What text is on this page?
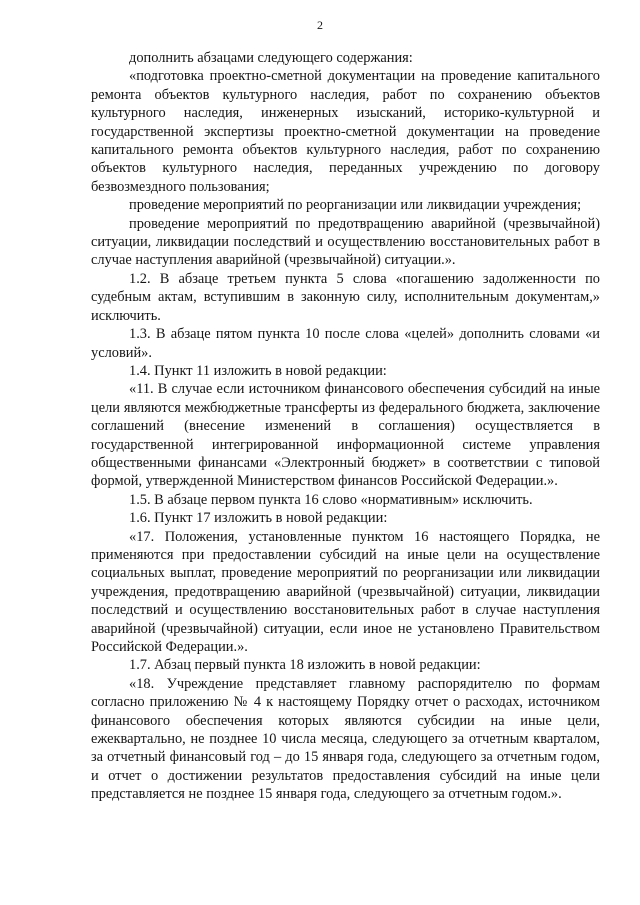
2

дополнить абзацами следующего содержания:

«подготовка проектно-сметной документации на проведение капитального ремонта объектов культурного наследия, работ по сохранению объектов культурного наследия, инженерных изысканий, историко-культурной и государственной экспертизы проектно-сметной документации на проведение капитального ремонта объектов культурного наследия, работ по сохранению объектов культурного наследия, переданных учреждению по договору безвозмездного пользования;

проведение мероприятий по реорганизации или ликвидации учреждения;

проведение мероприятий по предотвращению аварийной (чрезвычайной) ситуации, ликвидации последствий и осуществлению восстановительных работ в случае наступления аварийной (чрезвычайной) ситуации.».

1.2. В абзаце третьем пункта 5 слова «погашению задолженности по судебным актам, вступившим в законную силу, исполнительным документам,» исключить.

1.3. В абзаце пятом пункта 10 после слова «целей» дополнить словами «и условий».

1.4. Пункт 11 изложить в новой редакции:

«11. В случае если источником финансового обеспечения субсидий на иные цели являются межбюджетные трансферты из федерального бюджета, заключение соглашений (внесение изменений в соглашения) осуществляется в государственной интегрированной информационной системе управления общественными финансами «Электронный бюджет» в соответствии с типовой формой, утвержденной Министерством финансов Российской Федерации.».

1.5. В абзаце первом пункта 16 слово «нормативным» исключить.

1.6. Пункт 17 изложить в новой редакции:

«17. Положения, установленные пунктом 16 настоящего Порядка, не применяются при предоставлении субсидий на иные цели на осуществление социальных выплат, проведение мероприятий по реорганизации или ликвидации учреждения, предотвращению аварийной (чрезвычайной) ситуации, ликвидации последствий и осуществлению восстановительных работ в случае наступления аварийной (чрезвычайной) ситуации, если иное не установлено Правительством Российской Федерации.».

1.7. Абзац первый пункта 18 изложить в новой редакции:

«18. Учреждение представляет главному распорядителю по формам согласно приложению № 4 к настоящему Порядку отчет о расходах, источником финансового обеспечения которых являются субсидии на иные цели, ежеквартально, не позднее 10 числа месяца, следующего за отчетным кварталом, за отчетный финансовый год – до 15 января года, следующего за отчетным годом, и отчет о достижении результатов предоставления субсидий на иные цели представляется не позднее 15 января года, следующего за отчетным годом.».
